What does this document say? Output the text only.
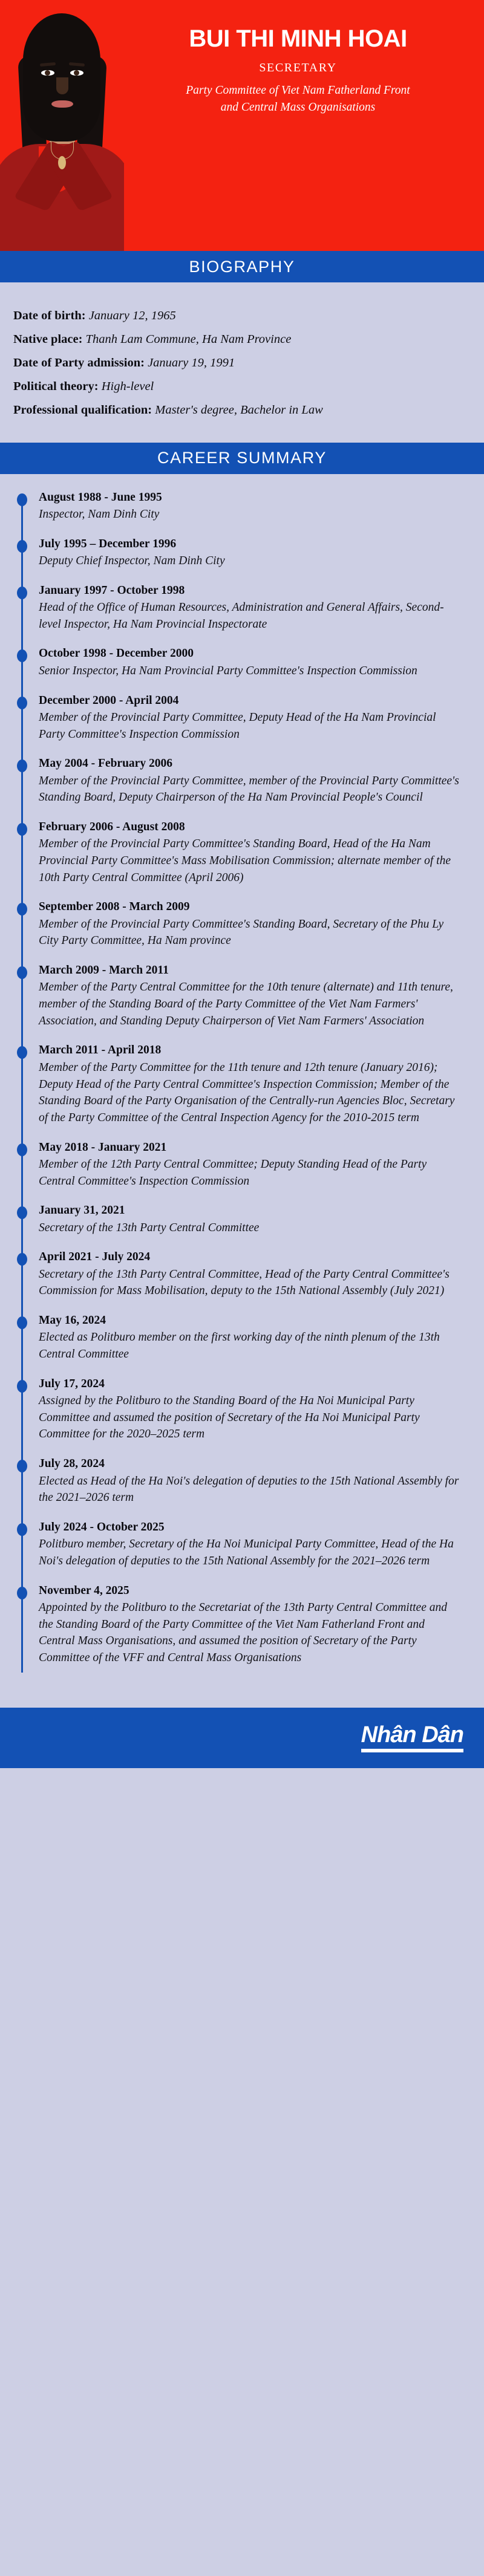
BUI THI MINH HOAI
SECRETARY
Party Committee of Viet Nam Fatherland Front
and Central Mass Organisations
BIOGRAPHY
Date of birth: January 12, 1965
Native place: Thanh Lam Commune, Ha Nam Province
Date of Party admission: January 19, 1991
Political theory: High-level
Professional qualification: Master's degree, Bachelor in Law
CAREER SUMMARY
August 1988 - June 1995
Inspector, Nam Dinh City
July 1995 – December 1996
Deputy Chief Inspector, Nam Dinh City
January 1997 - October 1998
Head of the Office of Human Resources, Administration and General Affairs, Second-level Inspector, Ha Nam Provincial Inspectorate
October 1998 - December 2000
Senior Inspector, Ha Nam Provincial Party Committee's Inspection Commission
December 2000 - April 2004
Member of the Provincial Party Committee, Deputy Head of the Ha Nam Provincial Party Committee's Inspection Commission
May 2004 - February 2006
Member of the Provincial Party Committee, member of the Provincial Party Committee's Standing Board, Deputy Chairperson of the Ha Nam Provincial People's Council
February 2006 - August 2008
Member of the Provincial Party Committee's Standing Board, Head of the Ha Nam Provincial Party Committee's Mass Mobilisation Commission; alternate member of the 10th Party Central Committee (April 2006)
September 2008 - March 2009
Member of the Provincial Party Committee's Standing Board, Secretary of the Phu Ly City Party Committee, Ha Nam province
March 2009 - March 2011
Member of the Party Central Committee for the 10th tenure (alternate) and 11th tenure, member of the Standing Board of the Party Committee of the Viet Nam Farmers' Association, and Standing Deputy Chairperson of Viet Nam Farmers' Association
March 2011 - April 2018
Member of the Party Committee for the 11th tenure and 12th tenure (January 2016); Deputy Head of the Party Central Committee's Inspection Commission; Member of the Standing Board of the Party Organisation of the Centrally-run Agencies Bloc, Secretary of the Party Committee of the Central Inspection Agency for the 2010-2015 term
May 2018 - January 2021
Member of the 12th Party Central Committee; Deputy Standing Head of the Party Central Committee's Inspection Commission
January 31, 2021
Secretary of the 13th Party Central Committee
April 2021 - July 2024
Secretary of the 13th Party Central Committee, Head of the Party Central Committee's Commission for Mass Mobilisation, deputy to the 15th National Assembly (July 2021)
May 16, 2024
Elected as Politburo member on the first working day of the ninth plenum of the 13th Central Committee
July 17, 2024
Assigned by the Politburo to the Standing Board of the Ha Noi Municipal Party Committee and assumed the position of Secretary of the Ha Noi Municipal Party Committee for the 2020–2025 term
July 28, 2024
Elected as Head of the Ha Noi's delegation of deputies to the 15th National Assembly for the 2021–2026 term
July 2024 - October 2025
Politburo member, Secretary of the Ha Noi Municipal Party Committee, Head of the Ha Noi's delegation of deputies to the 15th National Assembly for the 2021–2026 term
November 4, 2025
Appointed by the Politburo to the Secretariat of the 13th Party Central Committee and the Standing Board of the Party Committee of the Viet Nam Fatherland Front and Central Mass Organisations, and assumed the position of Secretary of the Party Committee of the VFF and Central Mass Organisations
Nhân Dân
